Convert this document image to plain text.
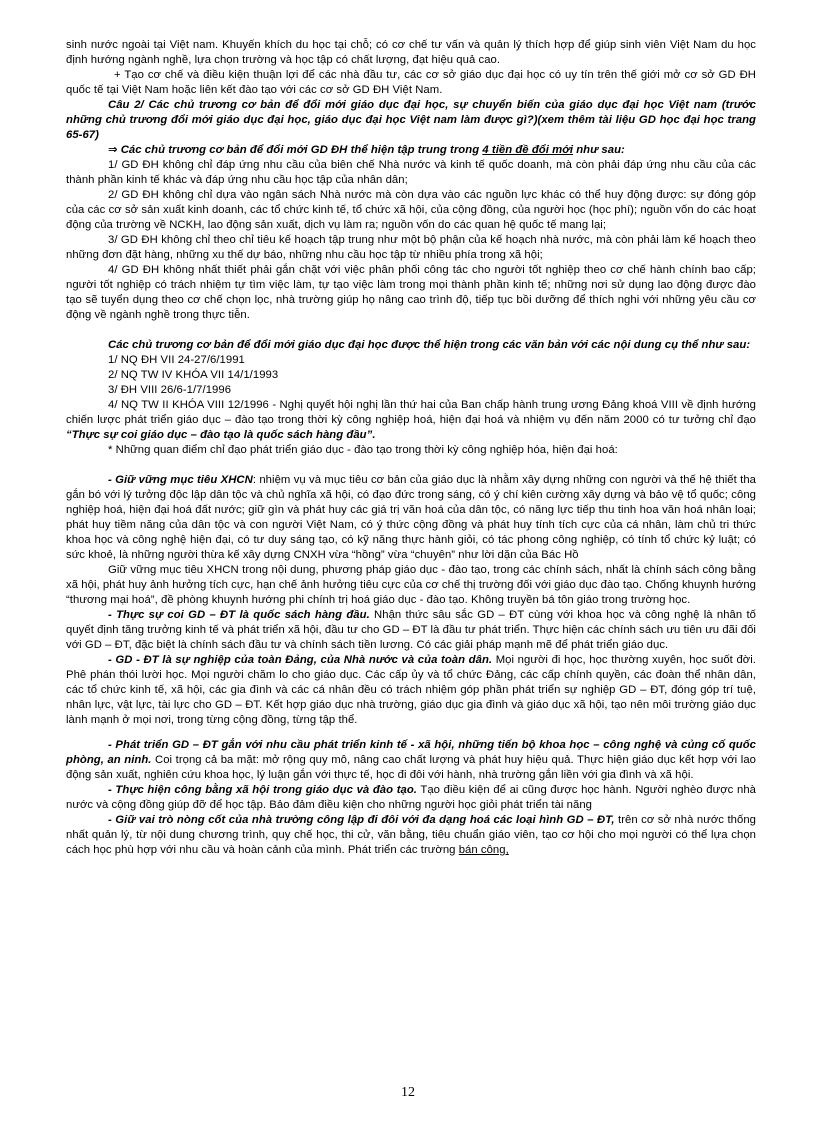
sinh nước ngoài tại Việt nam. Khuyến khích du học tại chỗ; có cơ chế tư vấn và quản lý thích hợp để giúp sinh viên Việt Nam du học định hướng ngành nghề, lựa chọn trường và học tập có chất lượng, đạt hiệu quả cao.

+ Tạo cơ chế và điều kiện thuận lợi để các nhà đầu tư, các cơ sở giáo dục đại học có uy tín trên thế giới mở cơ sở GD ĐH quốc tế tại Việt Nam hoặc liên kết đào tạo với các cơ sở GD ĐH Việt Nam.

Câu 2/ Các chủ trương cơ bản để đổi mới giáo dục đại học, sự chuyển biến của giáo dục đại học Việt nam (trước những chủ trương đổi mới giáo dục đại học, giáo dục đại học Việt nam làm được gì?)(xem thêm tài liệu GD học đại học trang 65-67)

⇒ Các chủ trương cơ bản để đổi mới GD ĐH thể hiện tập trung trong 4 tiền đề đổi mới như sau:

1/ GD ĐH không chỉ đáp ứng nhu cầu của biên chế Nhà nước và kinh tế quốc doanh, mà còn phải đáp ứng nhu cầu của các thành phần kinh tế khác và đáp ứng nhu cầu học tập của nhân dân;

2/ GD ĐH không chỉ dựa vào ngân sách Nhà nước mà còn dựa vào các nguồn lực khác có thể huy động được: sự đóng góp của các cơ sở sản xuất kinh doanh, các tổ chức kinh tế, tổ chức xã hội, của cộng đồng, của người học (học phí); nguồn vốn do các hoạt động của trường về NCKH, lao động sản xuất, dịch vụ làm ra; nguồn vốn do các quan hệ quốc tế mang lại;

3/ GD ĐH không chỉ theo chỉ tiêu kế hoạch tập trung như một bộ phận của kế hoạch nhà nước, mà còn phải làm kế hoạch theo những đơn đặt hàng, những xu thế dự báo, những nhu cầu học tập từ nhiều phía trong xã hội;

4/ GD ĐH không nhất thiết phải gắn chặt với việc phân phối công tác cho người tốt nghiệp theo cơ chế hành chính bao cấp; người tốt nghiệp có trách nhiệm tự tìm việc làm, tự tạo việc làm trong mọi thành phần kinh tế; những nơi sử dụng lao động được đào tạo sẽ tuyển dụng theo cơ chế chọn lọc, nhà trường giúp họ nâng cao trình độ, tiếp tục bồi dưỡng để thích nghi với những yêu cầu cơ động về ngành nghề trong thực tiễn.

Các chủ trương cơ bản để đổi mới giáo dục đại học được thể hiện trong các văn bản với các nội dung cụ thể như sau:

1/ NQ ĐH VII 24-27/6/1991

2/ NQ TW IV KHÓA VII 14/1/1993

3/ ĐH VIII 26/6-1/7/1996

4/ NQ TW II KHÓA VIII 12/1996 - Nghị quyết hội nghị lần thứ hai của Ban chấp hành trung ương Đảng khoá VIII về định hướng chiến lược phát triển giáo dục – đào tạo trong thời kỳ công nghiệp hoá, hiện đại hoá và nhiệm vụ đến năm 2000 có tư tưởng chỉ đạo “Thực sự coi giáo dục – đào tạo là quốc sách hàng đầu”.

* Những quan điểm chỉ đạo phát triển giáo dục - đào tạo trong thời kỳ công nghiệp hóa, hiện đại hoá:

- Giữ vững mục tiêu XHCN: nhiệm vụ và mục tiêu cơ bản của giáo dục là nhằm xây dựng những con người và thế hệ thiết tha gắn bó với lý tưởng độc lập dân tộc và chủ nghĩa xã hội, có đạo đức trong sáng, có ý chí kiên cường xây dựng và bảo vệ tổ quốc; công nghiệp hoá, hiện đại hoá đất nước; giữ gìn và phát huy các giá trị văn hoá của dân tộc, có năng lực tiếp thu tinh hoa văn hoá nhân loại; phát huy tiềm năng của dân tộc và con người Việt Nam, có ý thức cộng đồng và phát huy tính tích cực của cá nhân, làm chủ tri thức khoa học và công nghệ hiện đại, có tư duy sáng tạo, có kỹ năng thực hành giỏi, có tác phong công nghiệp, có tính tổ chức kỷ luật; có sức khoẻ, là những người thừa kế xây dựng CNXH vừa “hồng” vừa “chuyên” như lời dặn của Bác Hồ

Giữ vững mục tiêu XHCN trong nội dung, phương pháp giáo dục - đào tạo, trong các chính sách, nhất là chính sách công bằng xã hội, phát huy ảnh hưởng tích cực, hạn chế ảnh hưởng tiêu cực của cơ chế thị trường đối với giáo dục đào tạo. Chống khuynh hướng “thương mại hoá”, đề phòng khuynh hướng phi chính trị hoá giáo dục - đào tạo. Không truyền bá tôn giáo trong trường học.

- Thực sự coi GD – ĐT là quốc sách hàng đầu. Nhận thức sâu sắc GD – ĐT cùng với khoa học và công nghệ là nhân tố quyết định tăng trưởng kinh tế và phát triển xã hội, đầu tư cho GD – ĐT là đầu tư phát triển. Thực hiện các chính sách ưu tiên ưu đãi đối với GD – ĐT, đặc biệt là chính sách đầu tư và chính sách tiền lương. Có các giải pháp mạnh mẽ để phát triển giáo dục.

- GD - ĐT là sự nghiệp của toàn Đảng, của Nhà nước và của toàn dân. Mọi người đi học, học thường xuyên, học suốt đời. Phê phán thói lười học. Mọi người chăm lo cho giáo dục. Các cấp ủy và tổ chức Đảng, các cấp chính quyền, các đoàn thể nhân dân, các tổ chức kinh tế, xã hội, các gia đình và các cá nhân đều có trách nhiệm góp phần phát triển sự nghiệp GD – ĐT, đóng góp trí tuệ, nhân lực, vật lực, tài lực cho GD – ĐT. Kết hợp giáo dục nhà trường, giáo dục gia đình và giáo dục xã hội, tạo nên môi trường giáo dục lành mạnh ở mọi nơi, trong từng cộng đồng, từng tập thể.

- Phát triển GD – ĐT gắn với nhu cầu phát triển kinh tế - xã hội, những tiến bộ khoa học – công nghệ và củng cố quốc phòng, an ninh. Coi trọng cả ba mặt: mở rộng quy mô, nâng cao chất lượng và phát huy hiệu quả. Thực hiện giáo dục kết hợp với lao động sản xuất, nghiên cứu khoa học, lý luận gắn với thực tế, học đi đôi với hành, nhà trường gắn liền với gia đình và xã hội.

- Thực hiện công bằng xã hội trong giáo dục và đào tạo. Tạo điều kiện để ai cũng được học hành. Người nghèo được nhà nước và cộng đồng giúp đỡ để học tập. Bảo đảm điều kiện cho những người học giỏi phát triển tài năng

- Giữ vai trò nòng cốt của nhà trường công lập đi đôi với đa dạng hoá các loại hình GD – ĐT, trên cơ sở nhà nước thống nhất quản lý, từ nội dung chương trình, quy chế học, thi cử, văn bằng, tiêu chuẩn giáo viên, tạo cơ hội cho mọi người có thể lựa chọn cách học phù hợp với nhu cầu và hoàn cảnh của mình. Phát triển các trường bán công,

12
